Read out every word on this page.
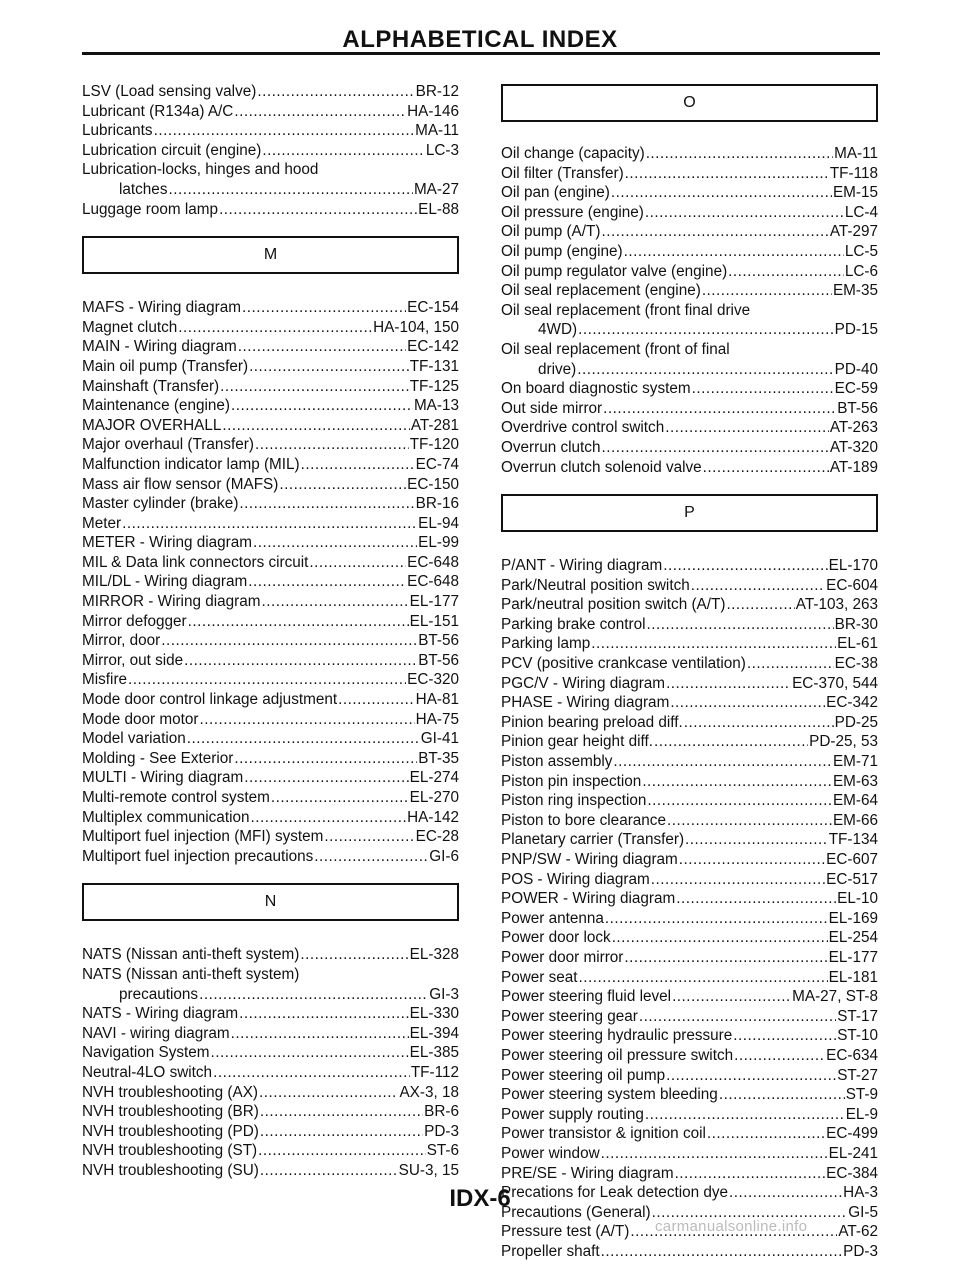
ALPHABETICAL INDEX
LSV (Load sensing valve) .....	BR-12
Lubricant (R134a) A/C .....	HA-146
Lubricants .....	MA-11
Lubrication circuit (engine) .....	LC-3
Lubrication-locks, hinges and hood
latches .....	MA-27
Luggage room lamp .....	EL-88
M
MAFS - Wiring diagram .....	EC-154
Magnet clutch .....	HA-104, 150
MAIN - Wiring diagram .....	EC-142
Main oil pump (Transfer) .....	TF-131
Mainshaft (Transfer) .....	TF-125
Maintenance (engine) .....	MA-13
MAJOR OVERHALL .....	AT-281
Major overhaul (Transfer) .....	TF-120
Malfunction indicator lamp (MIL) .....	EC-74
Mass air flow sensor (MAFS) .....	EC-150
Master cylinder (brake) .....	BR-16
Meter .....	EL-94
METER - Wiring diagram .....	EL-99
MIL & Data link connectors circuit .....	EC-648
MIL/DL - Wiring diagram .....	EC-648
MIRROR - Wiring diagram .....	EL-177
Mirror defogger .....	EL-151
Mirror, door .....	BT-56
Mirror, out side .....	BT-56
Misfire .....	EC-320
Mode door control linkage adjustment .....	HA-81
Mode door motor .....	HA-75
Model variation .....	GI-41
Molding - See Exterior .....	BT-35
MULTI - Wiring diagram .....	EL-274
Multi-remote control system .....	EL-270
Multiplex communication .....	HA-142
Multiport fuel injection (MFI) system .....	EC-28
Multiport fuel injection precautions .....	GI-6
N
NATS (Nissan anti-theft system) .....	EL-328
NATS (Nissan anti-theft system)
precautions .....	GI-3
NATS - Wiring diagram .....	EL-330
NAVI - wiring diagram .....	EL-394
Navigation System .....	EL-385
Neutral-4LO switch .....	TF-112
NVH troubleshooting (AX) .....	AX-3, 18
NVH troubleshooting (BR) .....	BR-6
NVH troubleshooting (PD) .....	PD-3
NVH troubleshooting (ST) .....	ST-6
NVH troubleshooting (SU) .....	SU-3, 15
O
Oil change (capacity) .....	MA-11
Oil filter (Transfer) .....	TF-118
Oil pan (engine) .....	EM-15
Oil pressure (engine) .....	LC-4
Oil pump (A/T) .....	AT-297
Oil pump (engine) .....	LC-5
Oil pump regulator valve (engine) .....	LC-6
Oil seal replacement (engine) .....	EM-35
Oil seal replacement (front final drive
4WD) .....	PD-15
Oil seal replacement (front of final
drive) .....	PD-40
On board diagnostic system .....	EC-59
Out side mirror .....	BT-56
Overdrive control switch .....	AT-263
Overrun clutch .....	AT-320
Overrun clutch solenoid valve .....	AT-189
P
P/ANT - Wiring diagram .....	EL-170
Park/Neutral position switch .....	EC-604
Park/neutral position switch (A/T) .....	AT-103, 263
Parking brake control .....	BR-30
Parking lamp .....	EL-61
PCV (positive crankcase ventilation) .....	EC-38
PGC/V - Wiring diagram .....	EC-370, 544
PHASE - Wiring diagram .....	EC-342
Pinion bearing preload diff. .....	PD-25
Pinion gear height diff. .....	PD-25, 53
Piston assembly .....	EM-71
Piston pin inspection .....	EM-63
Piston ring inspection .....	EM-64
Piston to bore clearance .....	EM-66
Planetary carrier (Transfer) .....	TF-134
PNP/SW - Wiring diagram .....	EC-607
POS - Wiring diagram .....	EC-517
POWER - Wiring diagram .....	EL-10
Power antenna .....	EL-169
Power door lock .....	EL-254
Power door mirror .....	EL-177
Power seat .....	EL-181
Power steering fluid level .....	MA-27, ST-8
Power steering gear .....	ST-17
Power steering hydraulic pressure .....	ST-10
Power steering oil pressure switch .....	EC-634
Power steering oil pump .....	ST-27
Power steering system bleeding .....	ST-9
Power supply routing .....	EL-9
Power transistor & ignition coil .....	EC-499
Power window .....	EL-241
PRE/SE - Wiring diagram .....	EC-384
Precations for Leak detection dye .....	HA-3
Precautions (General) .....	GI-5
Pressure test (A/T) .....	AT-62
Propeller shaft .....	PD-3
IDX-6
carmanualsonline.info
